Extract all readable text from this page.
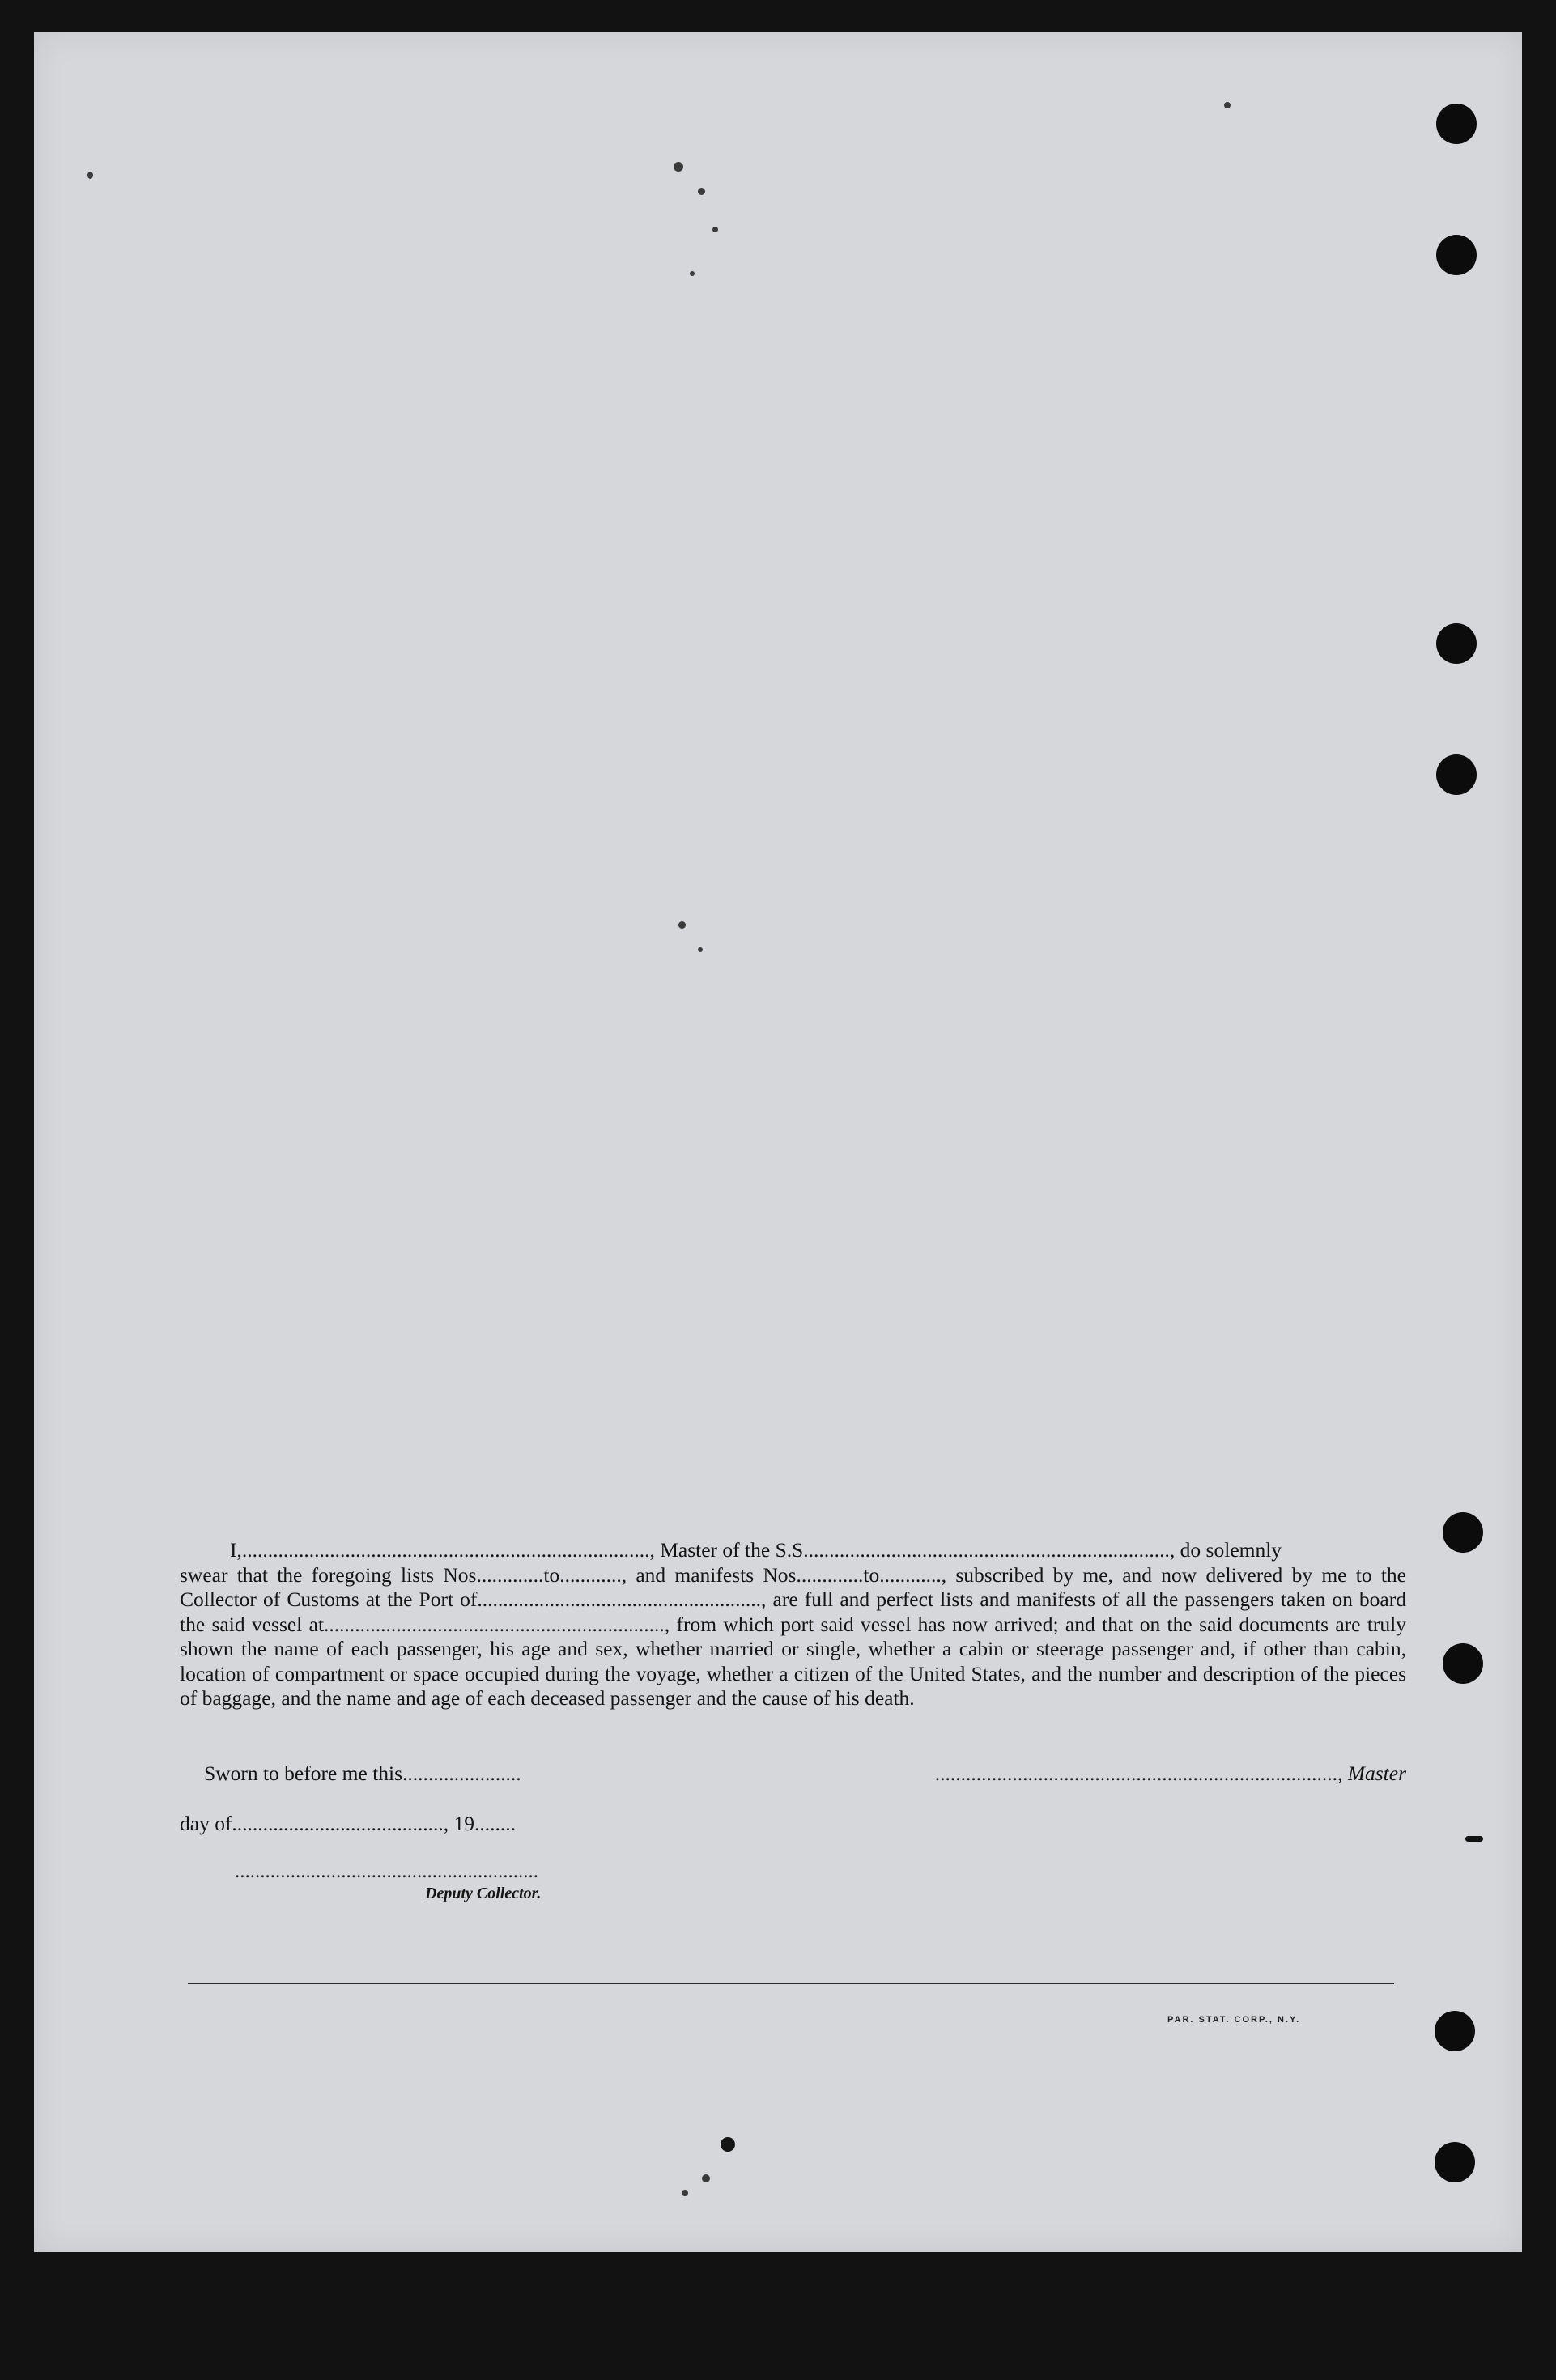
I,..............................................................................., Master of the S.S......................................................................., do solemnly

swear that the foregoing lists Nos.............to............, and manifests Nos.............to............, subscribed by me, and now delivered by me to the Collector of Customs at the Port of......................................................., are full and perfect lists and manifests of all the passengers taken on board the said vessel at.................................................................., from which port said vessel has now arrived; and that on the said documents are truly shown the name of each passenger, his age and sex, whether married or single, whether a cabin or steerage passenger and, if other than cabin, location of compartment or space occupied during the voyage, whether a citizen of the United States, and the number and description of the pieces of baggage, and the name and age of each deceased passenger and the cause of his death.

Sworn to before me this.......................	.............................................................................., Master
day of........................................., 19........
............................................................
Deputy Collector.
PAR. STAT. CORP., N.Y.
